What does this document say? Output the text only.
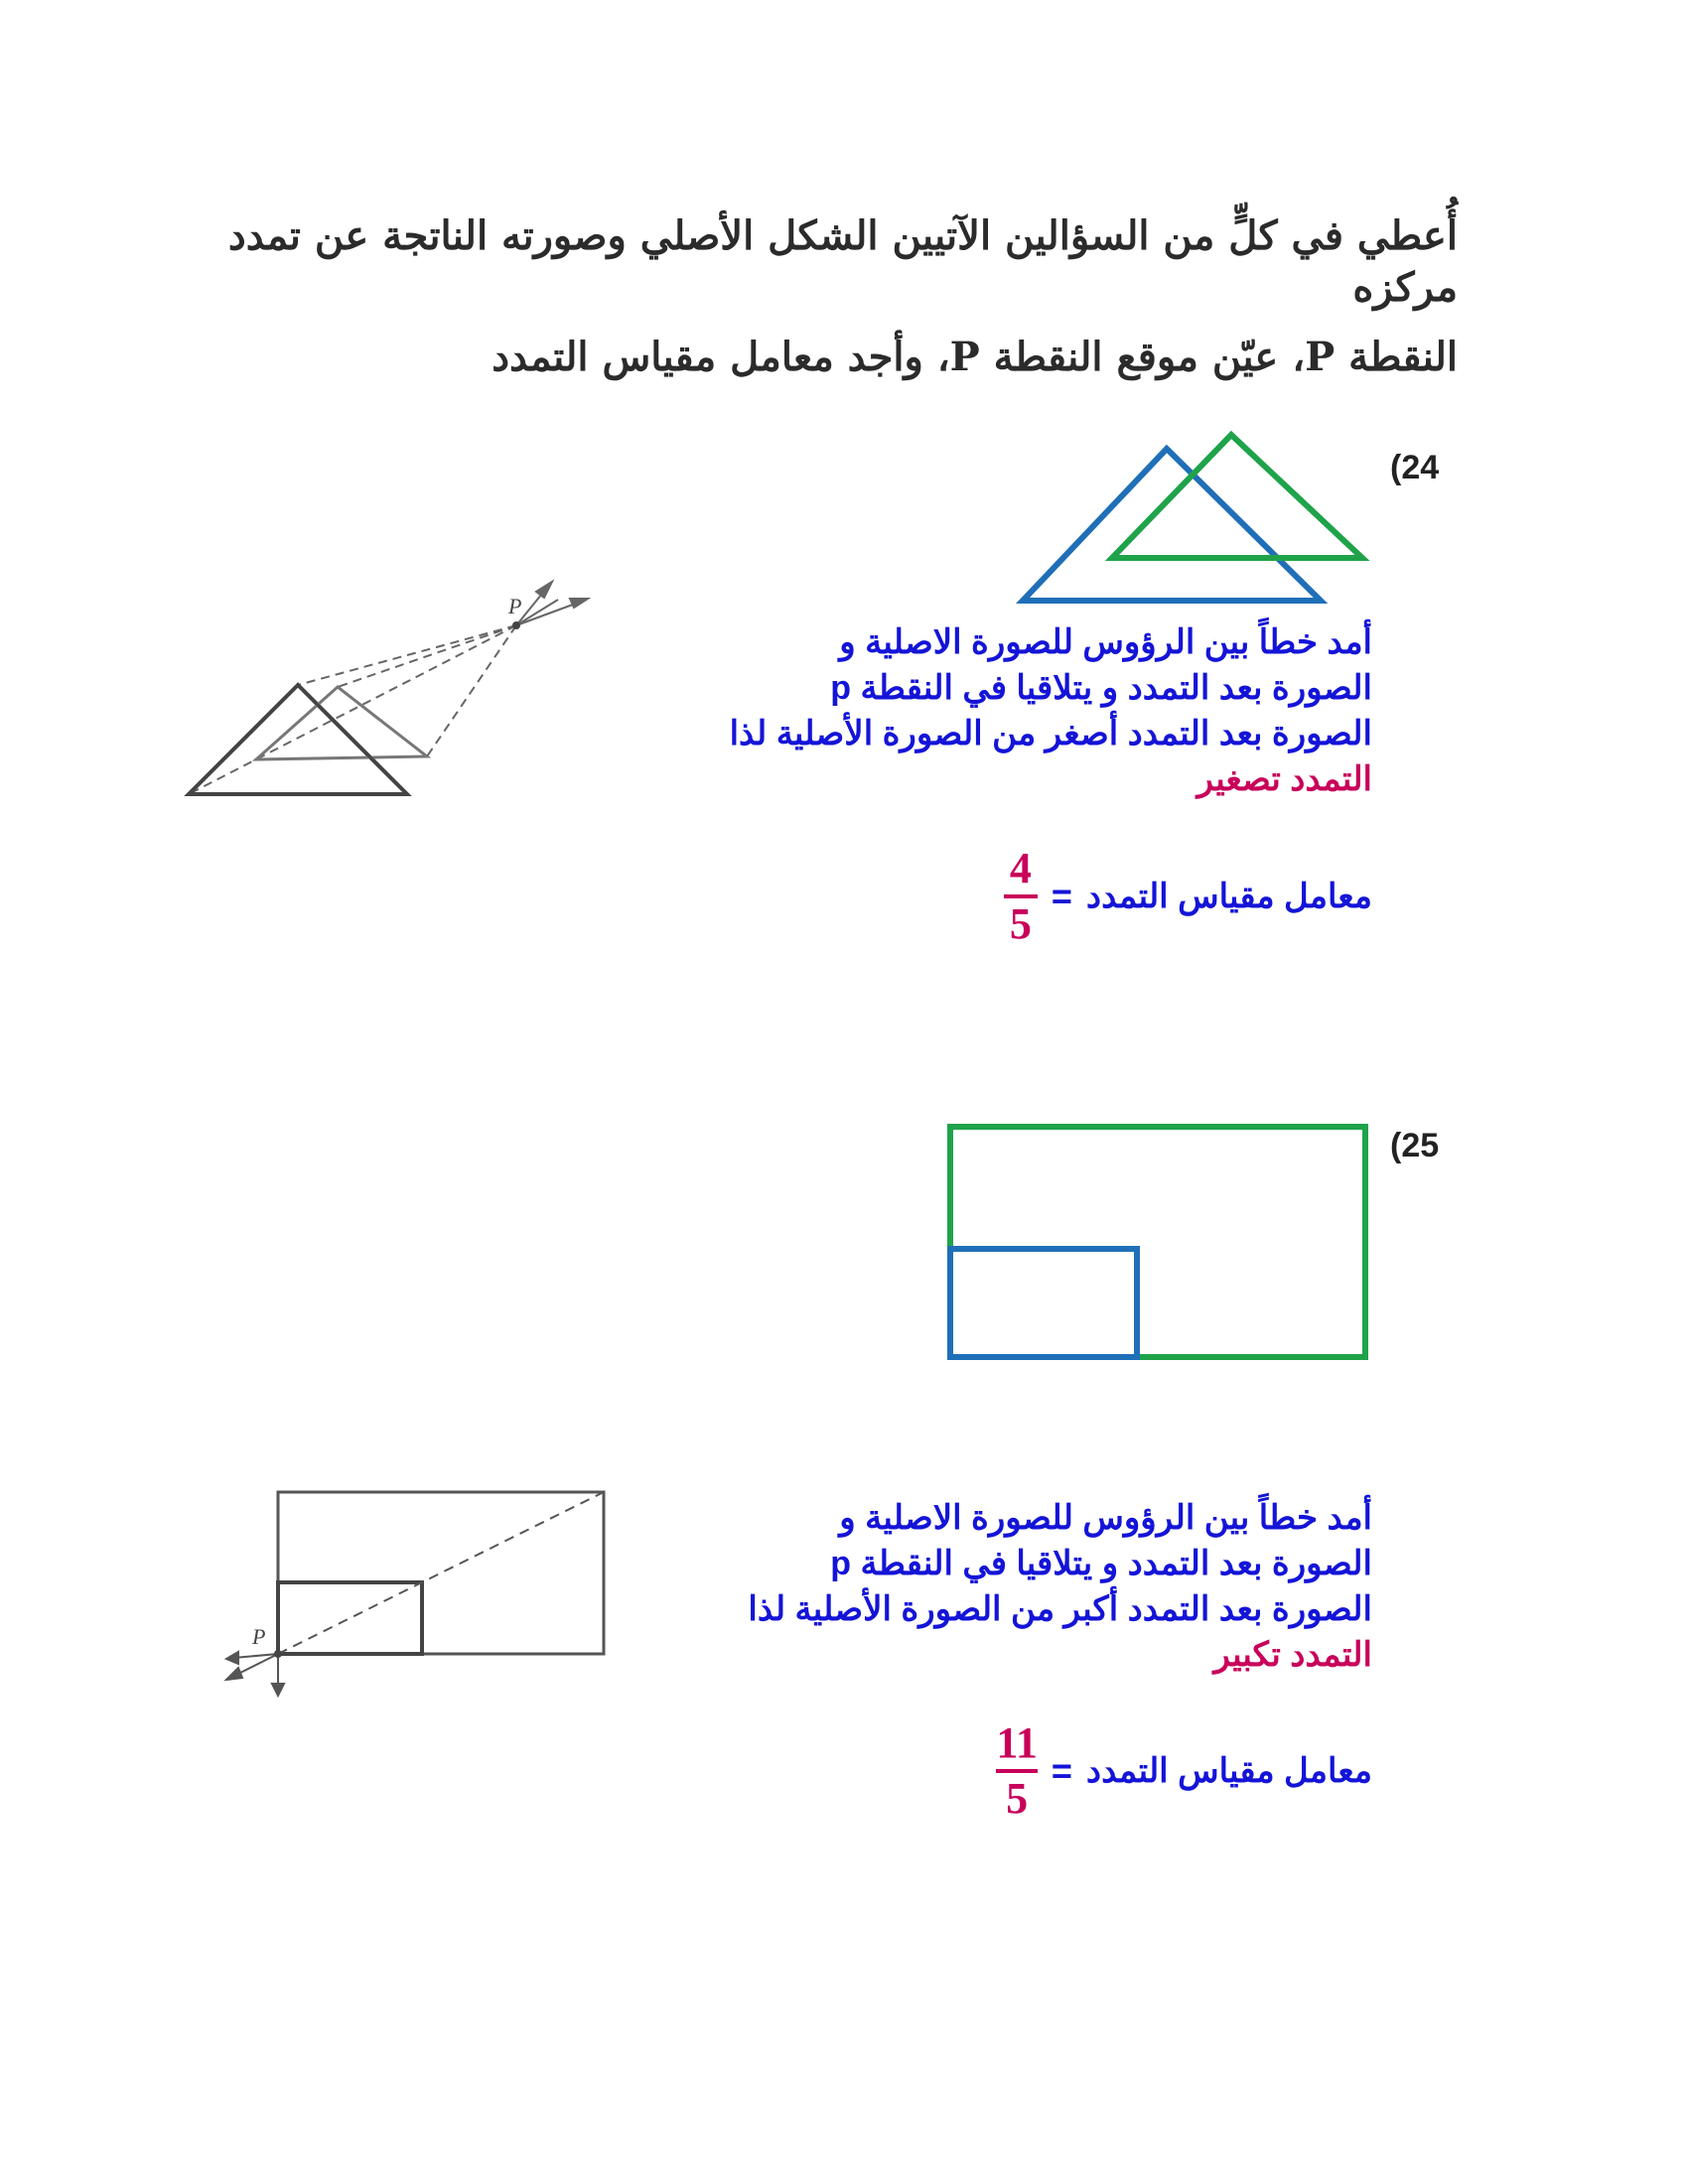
أُعطي في كلٍّ من السؤالين الآتيين الشكل الأصلي وصورته الناتجة عن تمدد مركزه
النقطة P، عيّن موقع النقطة P، وأجد معامل مقياس التمدد
(24
P
أمد خطاً بين الرؤوس للصورة الاصلية و
الصورة بعد التمدد و يتلاقيا في النقطة p
الصورة بعد التمدد أصغر من الصورة الأصلية لذا
التمدد تصغير
معامل مقياس التمدد
=
$\frac{4}{5}$
(25
P
أمد خطاً بين الرؤوس للصورة الاصلية و
الصورة بعد التمدد و يتلاقيا في النقطة p
الصورة بعد التمدد أكبر من الصورة الأصلية لذا
التمدد تكبير
معامل مقياس التمدد
=
$\frac{11}{5}$
